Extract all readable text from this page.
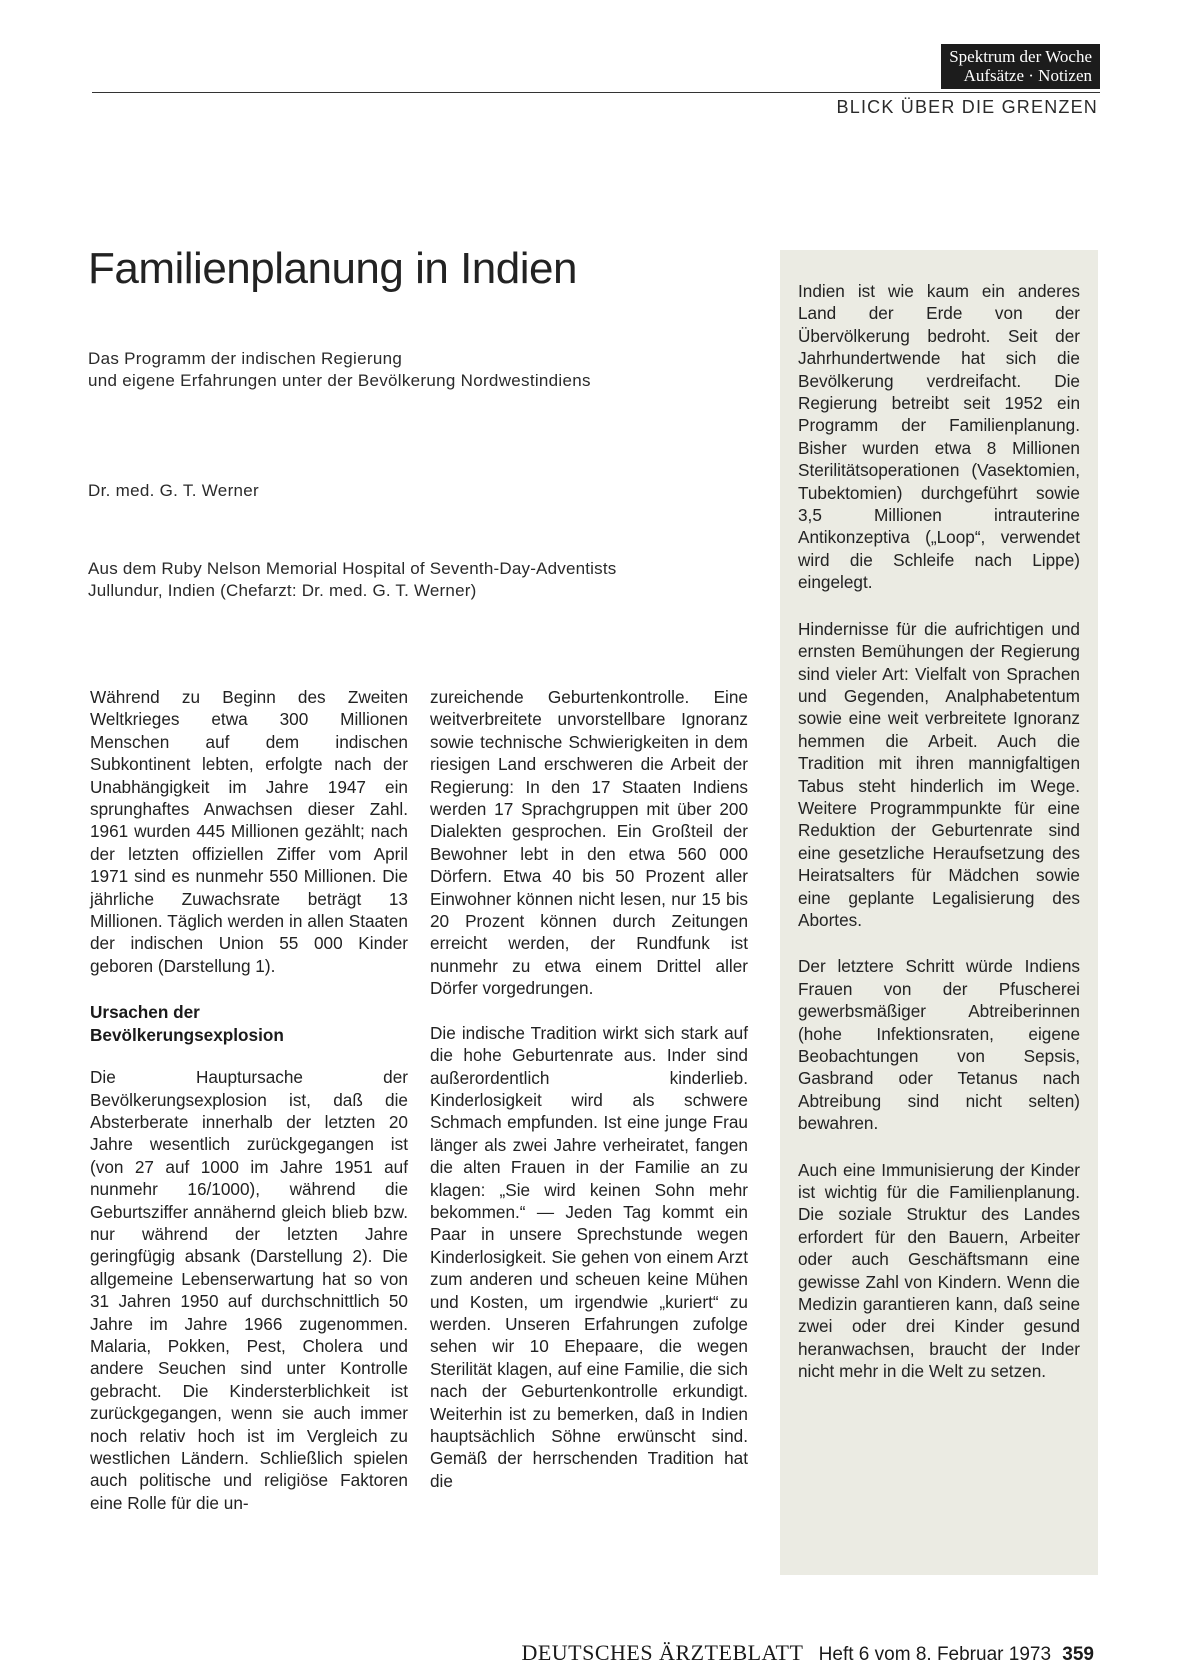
Spektrum der Woche
Aufsätze · Notizen
BLICK ÜBER DIE GRENZEN
Familienplanung in Indien
Das Programm der indischen Regierung
und eigene Erfahrungen unter der Bevölkerung Nordwestindiens
Dr. med. G. T. Werner
Aus dem Ruby Nelson Memorial Hospital of Seventh-Day-Adventists
Jullundur, Indien (Chefarzt: Dr. med. G. T. Werner)

Indien ist wie kaum ein anderes Land der Erde von der Übervölkerung bedroht. Seit der Jahrhundertwende hat sich die Bevölkerung verdreifacht. Die Regierung betreibt seit 1952 ein Programm der Familienplanung. Bisher wurden etwa 8 Millionen Sterilitätsoperationen (Vasektomien, Tubektomien) durchgeführt sowie 3,5 Millionen intrauterine Antikonzeptiva („Loop“, verwendet wird die Schleife nach Lippe) eingelegt.

Hindernisse für die aufrichtigen und ernsten Bemühungen der Regierung sind vieler Art: Vielfalt von Sprachen und Gegenden, Analphabetentum sowie eine weit verbreitete Ignoranz hemmen die Arbeit. Auch die Tradition mit ihren mannigfaltigen Tabus steht hinderlich im Wege. Weitere Programmpunkte für eine Reduktion der Geburtenrate sind eine gesetzliche Heraufsetzung des Heiratsalters für Mädchen sowie eine geplante Legalisierung des Abortes.

Der letztere Schritt würde Indiens Frauen von der Pfuscherei gewerbsmäßiger Abtreiberinnen (hohe Infektionsraten, eigene Beobachtungen von Sepsis, Gasbrand oder Tetanus nach Abtreibung sind nicht selten) bewahren.

Auch eine Immunisierung der Kinder ist wichtig für die Familienplanung. Die soziale Struktur des Landes erfordert für den Bauern, Arbeiter oder auch Geschäftsmann eine gewisse Zahl von Kindern. Wenn die Medizin garantieren kann, daß seine zwei oder drei Kinder gesund heranwachsen, braucht der Inder nicht mehr in die Welt zu setzen.

Während zu Beginn des Zweiten Weltkrieges etwa 300 Millionen Menschen auf dem indischen Subkontinent lebten, erfolgte nach der Unabhängigkeit im Jahre 1947 ein sprunghaftes Anwachsen dieser Zahl. 1961 wurden 445 Millionen gezählt; nach der letzten offiziellen Ziffer vom April 1971 sind es nunmehr 550 Millionen. Die jährliche Zuwachsrate beträgt 13 Millionen. Täglich werden in allen Staaten der indischen Union 55 000 Kinder geboren (Darstellung 1).

Ursachen der
Bevölkerungsexplosion

Die Hauptursache der Bevölkerungsexplosion ist, daß die Absterberate innerhalb der letzten 20 Jahre wesentlich zurückgegangen ist (von 27 auf 1000 im Jahre 1951 auf nunmehr 16/1000), während die Geburtsziffer annähernd gleich blieb bzw. nur während der letzten Jahre geringfügig absank (Darstellung 2). Die allgemeine Lebenserwartung hat so von 31 Jahren 1950 auf durchschnittlich 50 Jahre im Jahre 1966 zugenommen. Malaria, Pokken, Pest, Cholera und andere Seuchen sind unter Kontrolle gebracht. Die Kindersterblichkeit ist zurückgegangen, wenn sie auch immer noch relativ hoch ist im Vergleich zu westlichen Ländern. Schließlich spielen auch politische und religiöse Faktoren eine Rolle für die un-

zureichende Geburtenkontrolle. Eine weitverbreitete unvorstellbare Ignoranz sowie technische Schwierigkeiten in dem riesigen Land erschweren die Arbeit der Regierung: In den 17 Staaten Indiens werden 17 Sprachgruppen mit über 200 Dialekten gesprochen. Ein Großteil der Bewohner lebt in den etwa 560 000 Dörfern. Etwa 40 bis 50 Prozent aller Einwohner können nicht lesen, nur 15 bis 20 Prozent können durch Zeitungen erreicht werden, der Rundfunk ist nunmehr zu etwa einem Drittel aller Dörfer vorgedrungen.

Die indische Tradition wirkt sich stark auf die hohe Geburtenrate aus. Inder sind außerordentlich kinderlieb. Kinderlosigkeit wird als schwere Schmach empfunden. Ist eine junge Frau länger als zwei Jahre verheiratet, fangen die alten Frauen in der Familie an zu klagen: „Sie wird keinen Sohn mehr bekommen.“ — Jeden Tag kommt ein Paar in unsere Sprechstunde wegen Kinderlosigkeit. Sie gehen von einem Arzt zum anderen und scheuen keine Mühen und Kosten, um irgendwie „kuriert“ zu werden. Unseren Erfahrungen zufolge sehen wir 10 Ehepaare, die wegen Sterilität klagen, auf eine Familie, die sich nach der Geburtenkontrolle erkundigt. Weiterhin ist zu bemerken, daß in Indien hauptsächlich Söhne erwünscht sind. Gemäß der herrschenden Tradition hat die

DEUTSCHES ÄRZTEBLATT Heft 6 vom 8. Februar 1973 359
